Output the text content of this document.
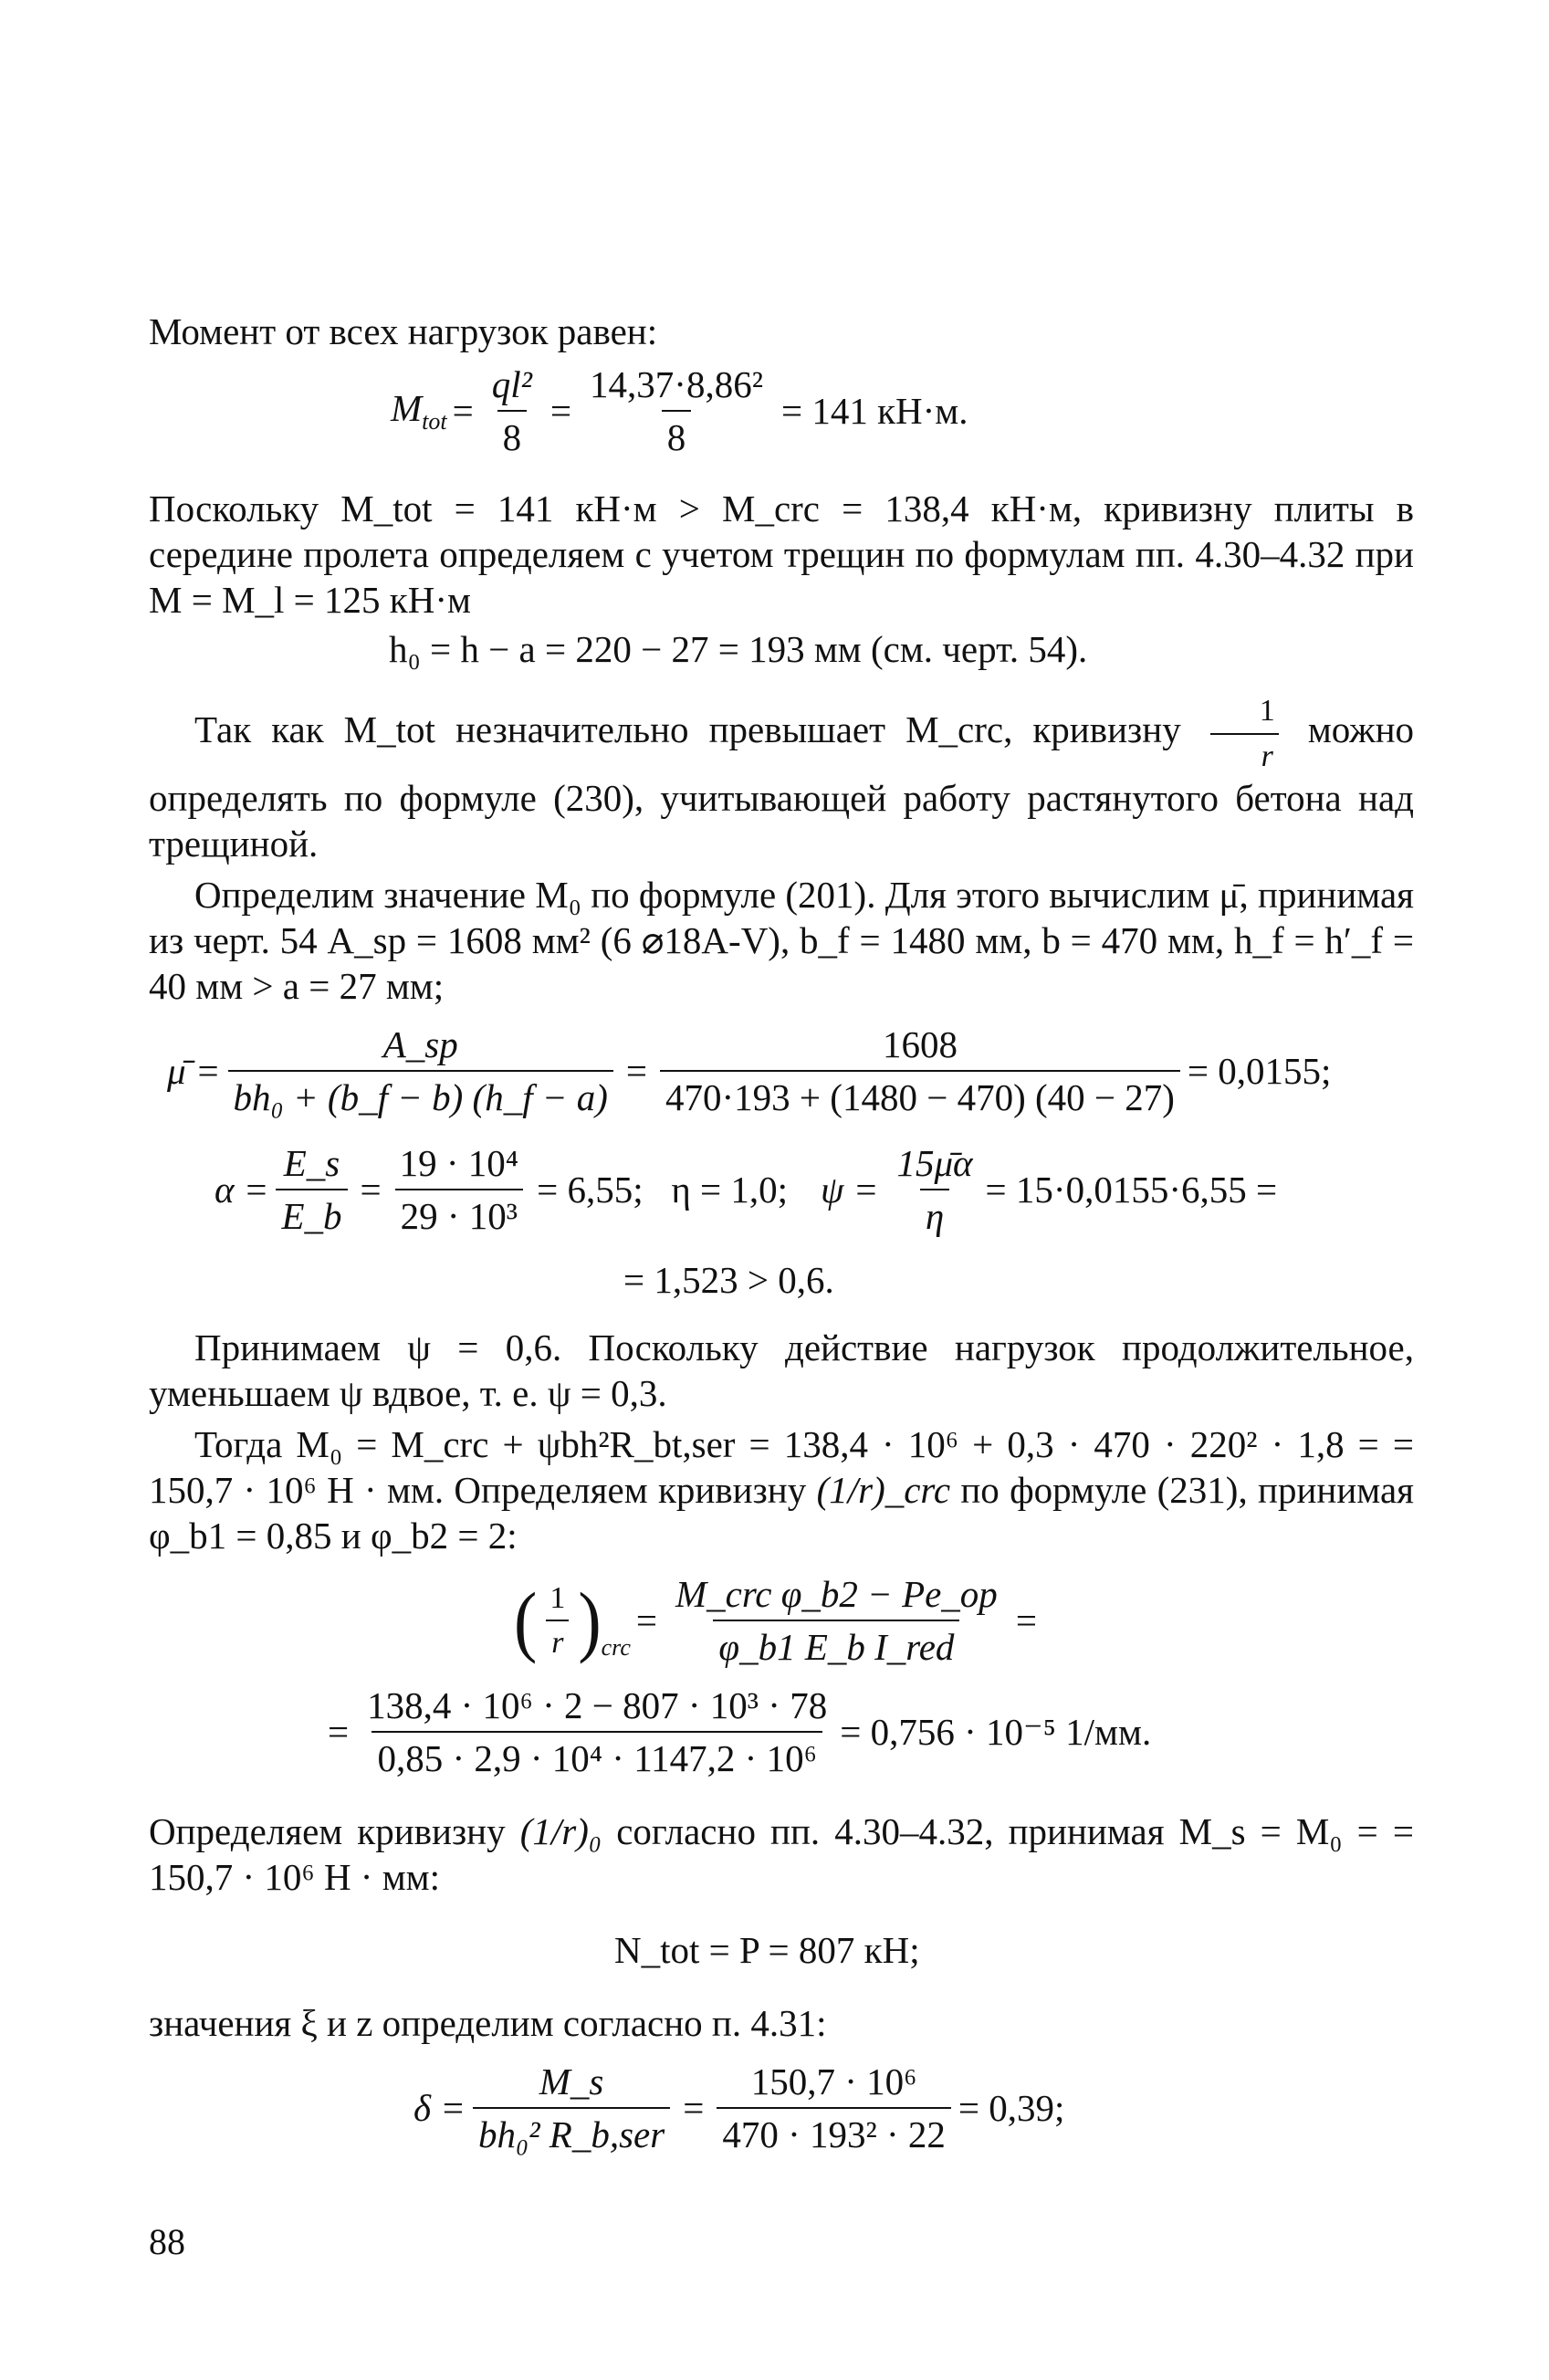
Момент от всех нагрузок равен:

$M_{tot} = \frac{\text{ql²}}{8} = \frac{\text{14,37·8,86²}}{8} = 141$ кН·м.

Поскольку M_tot = 141 кН·м > M_crc = 138,4 кН·м, кривизну плиты в середине пролета определяем с учетом трещин по формулам пп. 4.30–4.32 при M = M_l = 125 кН·м

h₀ = h − a = 220 − 27 = 193 мм (см. черт. 54).

Так как M_tot незначительно превышает M_crc, кривизну $\frac{1}{r}$ можно определять по формуле (230), учитывающей работу растянутого бетона над трещиной.

Определим значение M₀ по формуле (201). Для этого вычислим μ̄, принимая из черт. 54 A_sp = 1608 мм² (6 ⌀18A-V), b_f = 1480 мм, b = 470 мм, h_f = h′_f = 40 мм > a = 27 мм;

μ̄ = $\frac{A\_sp}{\text{bh₀ + (b\_f − b) (h\_f − a)}} = \frac{1608}{470\cdot 193 + (1480 - 470) (40 - 27)} = 0,0155$;
$\alpha = \frac{E\_s}{E\_b} = \frac{\text{19 · 10⁴}}{\text{29 · 10³}} = 6,55$;   η = 1,0; $\psi = \frac{15\mū\alpha}{\eta} = 15\cdot 0,0155\cdot 6,55$ =
= 1,523 > 0,6.

Принимаем ψ = 0,6. Поскольку действие нагрузок продолжительное, уменьшаем ψ вдвое, т. е. ψ = 0,3.

Тогда M₀ = M_crc + ψbh²R_bt,ser = 138,4 · 10⁶ + 0,3 · 470 · 220² · 1,8 = = 150,7 · 10⁶ Н · мм. Определяем кривизну (1/r)_crc по формуле (231), принимая φ_b1 = 0,85 и φ_b2 = 2:

( $\frac{1}{r} )_{crc}$
= $\frac{\text{M\_crc φ\_b2 − Pe\_op}}{\text{φ\_b1 E\_b I\_red}}$ =
= $\frac{\text{138,4 · 10⁶ · 2 − 807 · 10³ · 78}}{\text{0,85 · 2,9 · 10⁴ · 1147,2 · 10⁶}} = 0,756 \cdot 10^{-5}$ 1/мм.

Определяем кривизну (1/r)₀ согласно пп. 4.30–4.32, принимая M_s = M₀ = = 150,7 · 10⁶ Н · мм:

N_tot = P = 807 кН;

значения ξ и z определим согласно п. 4.31:

$\delta = \frac{M\_s}{\text{bh₀² R\_b,ser}} = \frac{\text{150,7 · 10⁶}}{\text{470 · 193² · 22}} = 0,39$;
88
